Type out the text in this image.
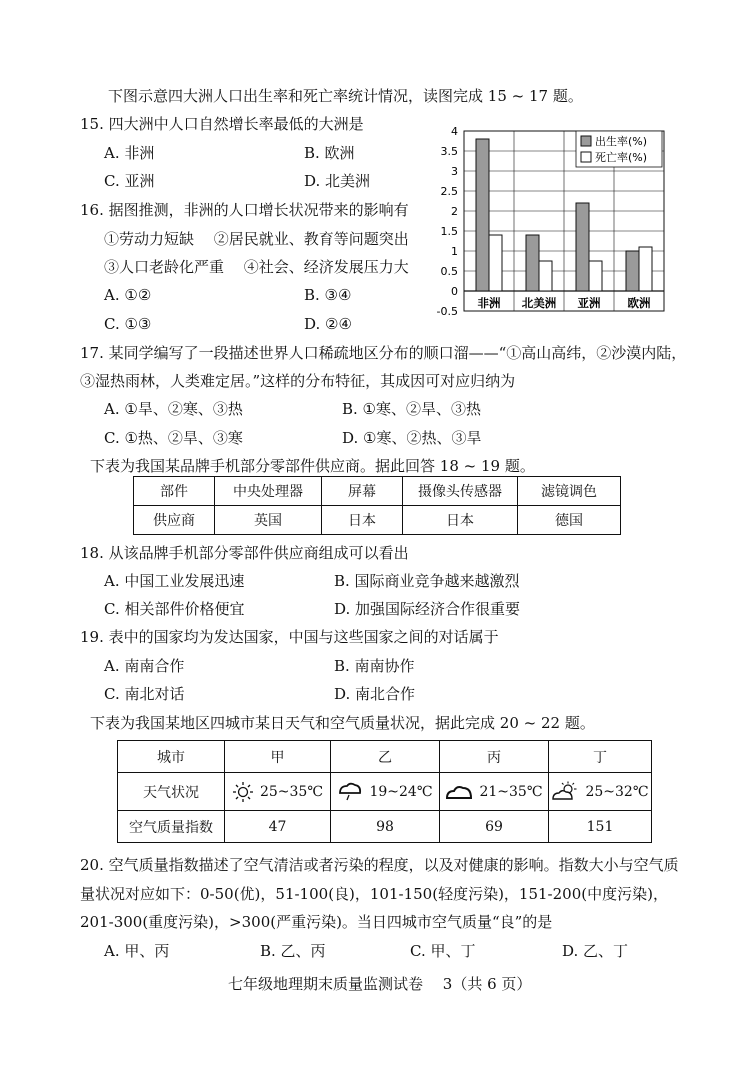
下图示意四大洲人口出生率和死亡率统计情况，读图完成 15 ~ 17 题。
15. 四大洲中人口自然增长率最低的大洲是
A. 非洲	B. 欧洲
C. 亚洲	D. 北美洲
16. 据图推测，非洲的人口增长状况带来的影响有
①劳动力短缺　 ②居民就业、教育等问题突出
③人口老龄化严重　 ④社会、经济发展压力大
A. ①②	B. ③④
C. ①③	D. ②④
4
3.5
3
2.5
2
1.5
1
0.5
0
-0.5
非洲 北美洲 亚洲 欧洲
出生率(%)
死亡率(%)
17. 某同学编写了一段描述世界人口稀疏地区分布的顺口溜——“①高山高纬，②沙漠内陆，
③湿热雨林，人类难定居。”这样的分布特征，其成因可对应归纳为
A. ①旱、②寒、③热	B. ①寒、②旱、③热
C. ①热、②旱、③寒	D. ①寒、②热、③旱
下表为我国某品牌手机部分零部件供应商。据此回答 18 ~ 19 题。
部件	中央处理器	屏幕	摄像头传感器	滤镜调色
供应商	英国	日本	日本	德国
18. 从该品牌手机部分零部件供应商组成可以看出
A. 中国工业发展迅速	B. 国际商业竞争越来越激烈
C. 相关部件价格便宜	D. 加强国际经济合作很重要
19. 表中的国家均为发达国家，中国与这些国家之间的对话属于
A. 南南合作	B. 南南协作
C. 南北对话	D. 南北合作
下表为我国某地区四城市某日天气和空气质量状况，据此完成 20 ~ 22 题。
城市	甲	乙	丙	丁
天气状况	25~35℃	19~24℃	21~35℃	25~32℃
空气质量指数	47	98	69	151
20. 空气质量指数描述了空气清洁或者污染的程度，以及对健康的影响。指数大小与空气质
量状况对应如下：0-50(优)，51-100(良)，101-150(轻度污染)，151-200(中度污染)，
201-300(重度污染)，>300(严重污染)。当日四城市空气质量“良”的是
A. 甲、丙	B. 乙、丙	C. 甲、丁	D. 乙、丁
七年级地理期末质量监测试卷　 3（共 6 页）
